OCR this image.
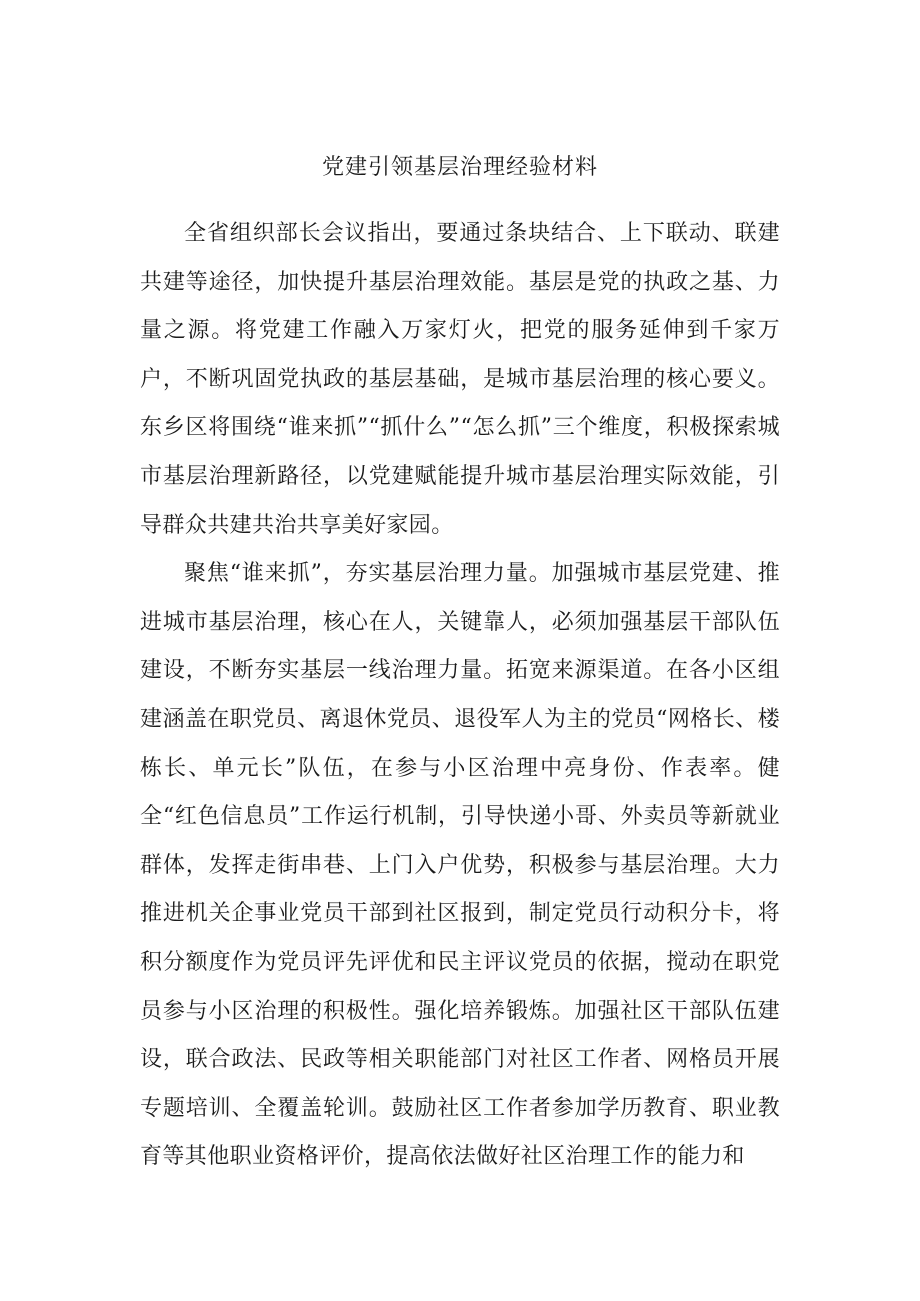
党建引领基层治理经验材料

全省组织部长会议指出，要通过条块结合、上下联动、联建共建等途径，加快提升基层治理效能。基层是党的执政之基、力量之源。将党建工作融入万家灯火，把党的服务延伸到千家万户，不断巩固党执政的基层基础，是城市基层治理的核心要义。东乡区将围绕“谁来抓”“抓什么”“怎么抓”三个维度，积极探索城市基层治理新路径，以党建赋能提升城市基层治理实际效能，引导群众共建共治共享美好家园。

聚焦“谁来抓”，夯实基层治理力量。加强城市基层党建、推进城市基层治理，核心在人，关键靠人，必须加强基层干部队伍建设，不断夯实基层一线治理力量。拓宽来源渠道。在各小区组建涵盖在职党员、离退休党员、退役军人为主的党员“网格长、楼栋长、单元长”队伍，在参与小区治理中亮身份、作表率。健全“红色信息员”工作运行机制，引导快递小哥、外卖员等新就业群体，发挥走街串巷、上门入户优势，积极参与基层治理。大力推进机关企事业党员干部到社区报到，制定党员行动积分卡，将积分额度作为党员评先评优和民主评议党员的依据，搅动在职党员参与小区治理的积极性。强化培养锻炼。加强社区干部队伍建设，联合政法、民政等相关职能部门对社区工作者、网格员开展专题培训、全覆盖轮训。鼓励社区工作者参加学历教育、职业教育等其他职业资格评价，提高依法做好社区治理工作的能力和
